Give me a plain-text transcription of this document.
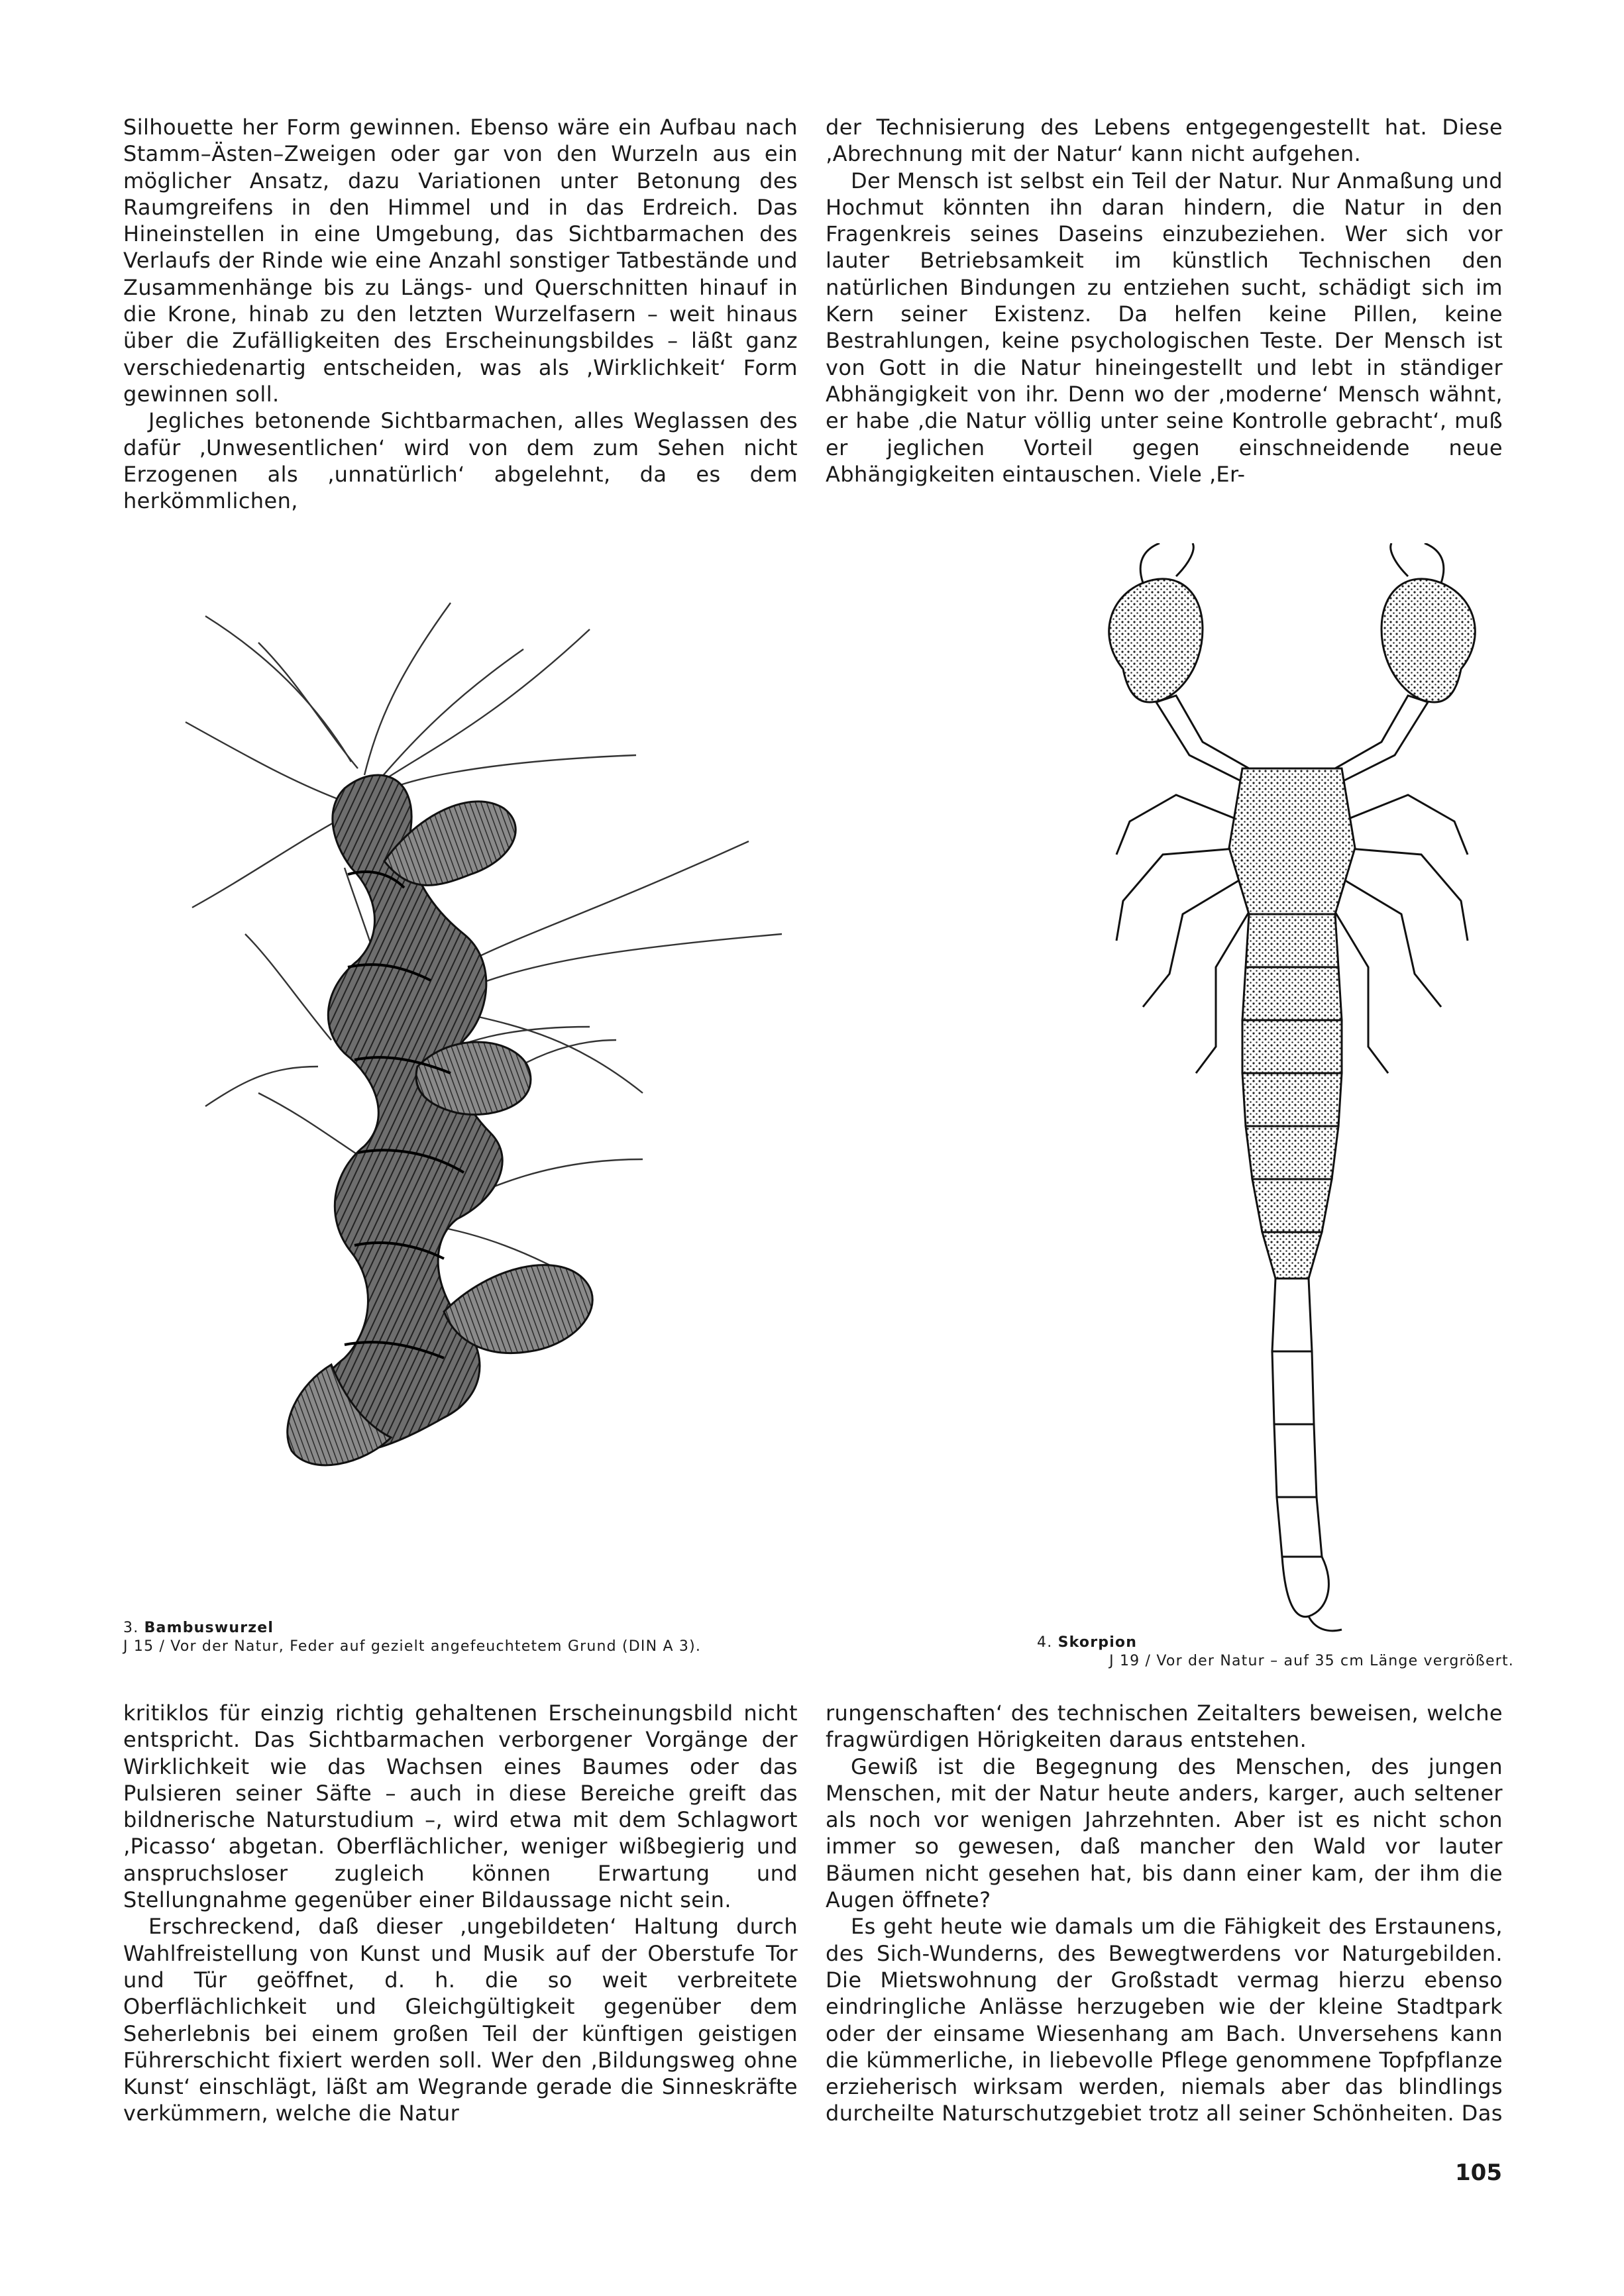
Silhouette her Form gewinnen. Ebenso wäre ein Aufbau nach Stamm–Ästen–Zweigen oder gar von den Wurzeln aus ein möglicher Ansatz, dazu Variationen unter Betonung des Raumgreifens in den Himmel und in das Erdreich. Das Hineinstellen in eine Umgebung, das Sichtbarmachen des Verlaufs der Rinde wie eine Anzahl sonstiger Tatbestände und Zusammenhänge bis zu Längs- und Querschnitten hinauf in die Krone, hinab zu den letzten Wurzelfasern – weit hinaus über die Zufälligkeiten des Erscheinungsbildes – läßt ganz verschiedenartig entscheiden, was als ‚Wirklichkeit‘ Form gewinnen soll.

Jegliches betonende Sichtbarmachen, alles Weglassen des dafür ‚Unwesentlichen‘ wird von dem zum Sehen nicht Erzogenen als ‚unnatürlich‘ abgelehnt, da es dem herkömmlichen,

der Technisierung des Lebens entgegengestellt hat. Diese ‚Abrechnung mit der Natur‘ kann nicht aufgehen.

Der Mensch ist selbst ein Teil der Natur. Nur Anmaßung und Hochmut könnten ihn daran hindern, die Natur in den Fragenkreis seines Daseins einzubeziehen. Wer sich vor lauter Betriebsamkeit im künstlich Technischen den natürlichen Bindungen zu entziehen sucht, schädigt sich im Kern seiner Existenz. Da helfen keine Pillen, keine Bestrahlungen, keine psychologischen Teste. Der Mensch ist von Gott in die Natur hineingestellt und lebt in ständiger Abhängigkeit von ihr. Denn wo der ‚moderne‘ Mensch wähnt, er habe ‚die Natur völlig unter seine Kontrolle gebracht‘, muß er jeglichen Vorteil gegen einschneidende neue Abhängigkeiten eintauschen. Viele ‚Er-

3. Bambuswurzel
J 15 / Vor der Natur, Feder auf gezielt angefeuchtetem Grund (DIN A 3).	4. Skorpion
J 19 / Vor der Natur – auf 35 cm Länge vergrößert.

kritiklos für einzig richtig gehaltenen Erscheinungsbild nicht entspricht. Das Sichtbarmachen verborgener Vorgänge der Wirklichkeit wie das Wachsen eines Baumes oder das Pulsieren seiner Säfte – auch in diese Bereiche greift das bildnerische Naturstudium –, wird etwa mit dem Schlagwort ‚Picasso‘ abgetan. Oberflächlicher, weniger wißbegierig und anspruchsloser zugleich können Erwartung und Stellungnahme gegenüber einer Bildaussage nicht sein.

Erschreckend, daß dieser ‚ungebildeten‘ Haltung durch Wahlfreistellung von Kunst und Musik auf der Oberstufe Tor und Tür geöffnet, d. h. die so weit verbreitete Oberflächlichkeit und Gleichgültigkeit gegenüber dem Seherlebnis bei einem großen Teil der künftigen geistigen Führerschicht fixiert werden soll. Wer den ‚Bildungsweg ohne Kunst‘ einschlägt, läßt am Wegrande gerade die Sinneskräfte verkümmern, welche die Natur

rungenschaften‘ des technischen Zeitalters beweisen, welche fragwürdigen Hörigkeiten daraus entstehen.

Gewiß ist die Begegnung des Menschen, des jungen Menschen, mit der Natur heute anders, karger, auch seltener als noch vor wenigen Jahrzehnten. Aber ist es nicht schon immer so gewesen, daß mancher den Wald vor lauter Bäumen nicht gesehen hat, bis dann einer kam, der ihm die Augen öffnete?

Es geht heute wie damals um die Fähigkeit des Erstaunens, des Sich-Wunderns, des Bewegtwerdens vor Naturgebilden. Die Mietswohnung der Großstadt vermag hierzu ebenso eindringliche Anlässe herzugeben wie der kleine Stadtpark oder der einsame Wiesenhang am Bach. Unversehens kann die kümmerliche, in liebevolle Pflege genommene Topfpflanze erzieherisch wirksam werden, niemals aber das blindlings durcheilte Naturschutzgebiet trotz all seiner Schönheiten. Das

105
